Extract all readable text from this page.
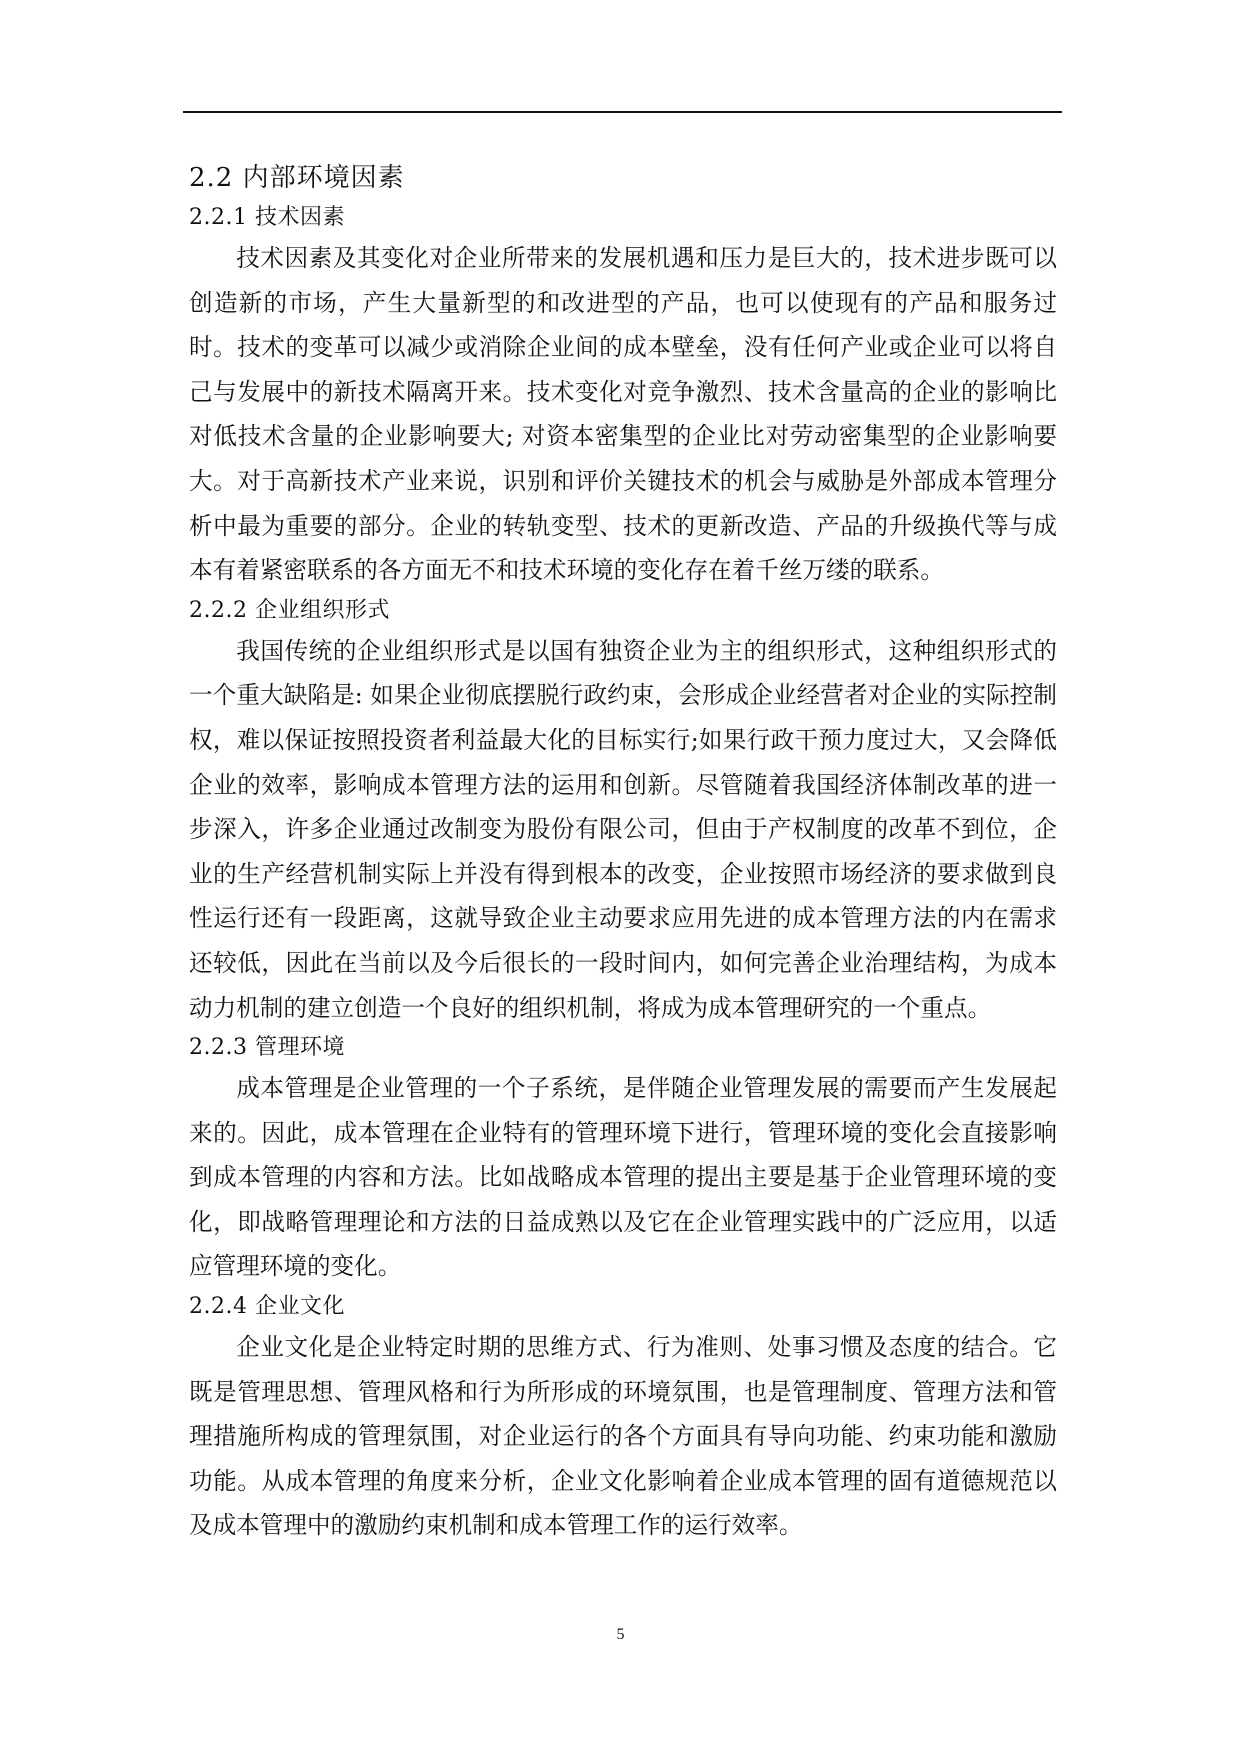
2.2 内部环境因素
2.2.1 技术因素

技术因素及其变化对企业所带来的发展机遇和压力是巨大的，技术进步既可以创造新的市场，产生大量新型的和改进型的产品，也可以使现有的产品和服务过时。技术的变革可以减少或消除企业间的成本壁垒，没有任何产业或企业可以将自己与发展中的新技术隔离开来。技术变化对竞争激烈、技术含量高的企业的影响比对低技术含量的企业影响要大; 对资本密集型的企业比对劳动密集型的企业影响要大。对于高新技术产业来说，识别和评价关键技术的机会与威胁是外部成本管理分析中最为重要的部分。企业的转轨变型、技术的更新改造、产品的升级换代等与成本有着紧密联系的各方面无不和技术环境的变化存在着千丝万缕的联系。

2.2.2 企业组织形式

我国传统的企业组织形式是以国有独资企业为主的组织形式，这种组织形式的一个重大缺陷是: 如果企业彻底摆脱行政约束，会形成企业经营者对企业的实际控制权，难以保证按照投资者利益最大化的目标实行;如果行政干预力度过大，又会降低企业的效率，影响成本管理方法的运用和创新。尽管随着我国经济体制改革的进一步深入，许多企业通过改制变为股份有限公司，但由于产权制度的改革不到位，企业的生产经营机制实际上并没有得到根本的改变，企业按照市场经济的要求做到良性运行还有一段距离，这就导致企业主动要求应用先进的成本管理方法的内在需求还较低，因此在当前以及今后很长的一段时间内，如何完善企业治理结构，为成本动力机制的建立创造一个良好的组织机制，将成为成本管理研究的一个重点。

2.2.3 管理环境

成本管理是企业管理的一个子系统，是伴随企业管理发展的需要而产生发展起来的。因此，成本管理在企业特有的管理环境下进行，管理环境的变化会直接影响到成本管理的内容和方法。比如战略成本管理的提出主要是基于企业管理环境的变化，即战略管理理论和方法的日益成熟以及它在企业管理实践中的广泛应用，以适应管理环境的变化。

2.2.4 企业文化

企业文化是企业特定时期的思维方式、行为准则、处事习惯及态度的结合。它既是管理思想、管理风格和行为所形成的环境氛围，也是管理制度、管理方法和管理措施所构成的管理氛围，对企业运行的各个方面具有导向功能、约束功能和激励功能。从成本管理的角度来分析，企业文化影响着企业成本管理的固有道德规范以及成本管理中的激励约束机制和成本管理工作的运行效率。

5
